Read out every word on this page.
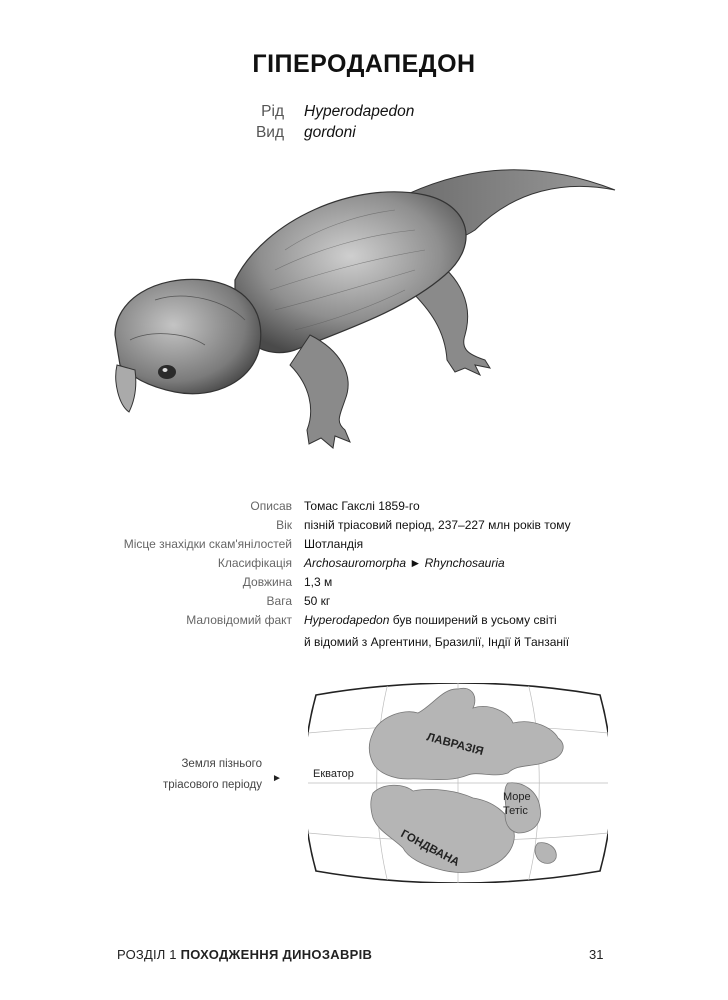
ГІПЕРОДАПЕДОН
Рід
Вид
Hyperodapedon
gordoni
Описав Томас Гакслі 1859-го
Вік пізній тріасовий період, 237–227 млн років тому
Місце знахідки скам'янілостей Шотландія
Класифікація Archosauromorpha ► Rhynchosauria
Довжина 1,3 м
Вага 50 кг
Маловідомий факт Hyperodapedon був поширений в усьому світі
й відомий з Аргентини, Бразилії, Індії й Танзанії
Земля пізнього
тріасового періоду
►
ЛАВРАЗІЯ
Екватор
Море
Тетіс
ГОНДВАНА
РОЗДІЛ 1 ПОХОДЖЕННЯ ДИНОЗАВРІВ	31
